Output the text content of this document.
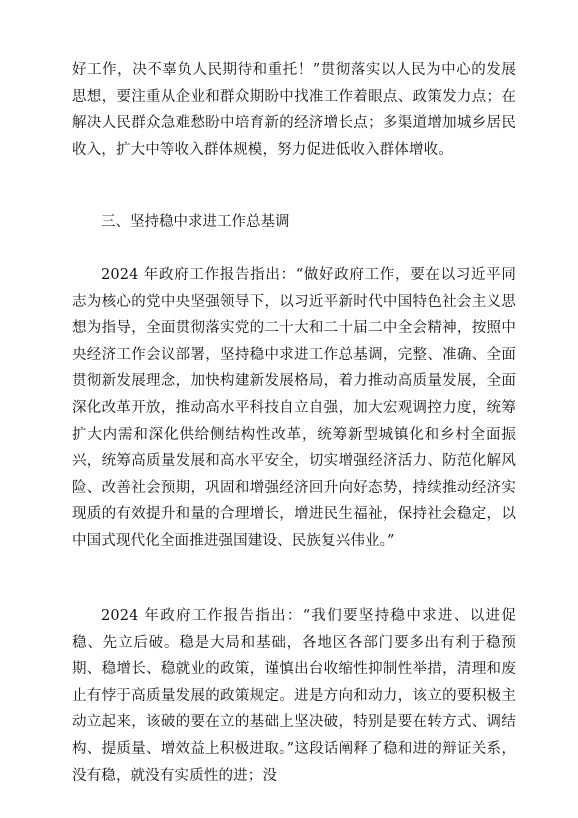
好工作，决不辜负人民期待和重托！”贯彻落实以人民为中心的发展思想，要注重从企业和群众期盼中找准工作着眼点、政策发力点；在解决人民群众急难愁盼中培育新的经济增长点；多渠道增加城乡居民收入，扩大中等收入群体规模，努力促进低收入群体增收。

三、坚持稳中求进工作总基调

2024 年政府工作报告指出：“做好政府工作，要在以习近平同志为核心的党中央坚强领导下，以习近平新时代中国特色社会主义思想为指导，全面贯彻落实党的二十大和二十届二中全会精神，按照中央经济工作会议部署，坚持稳中求进工作总基调，完整、准确、全面贯彻新发展理念，加快构建新发展格局，着力推动高质量发展，全面深化改革开放，推动高水平科技自立自强，加大宏观调控力度，统筹扩大内需和深化供给侧结构性改革，统筹新型城镇化和乡村全面振兴，统筹高质量发展和高水平安全，切实增强经济活力、防范化解风险、改善社会预期，巩固和增强经济回升向好态势，持续推动经济实现质的有效提升和量的合理增长，增进民生福祉，保持社会稳定，以中国式现代化全面推进强国建设、民族复兴伟业。”

2024 年政府工作报告指出：“我们要坚持稳中求进、以进促稳、先立后破。稳是大局和基础，各地区各部门要多出有利于稳预期、稳增长、稳就业的政策，谨慎出台收缩性抑制性举措，清理和废止有悖于高质量发展的政策规定。进是方向和动力，该立的要积极主动立起来，该破的要在立的基础上坚决破，特别是要在转方式、调结构、提质量、增效益上积极进取。”这段话阐释了稳和进的辩证关系，没有稳，就没有实质性的进；没
